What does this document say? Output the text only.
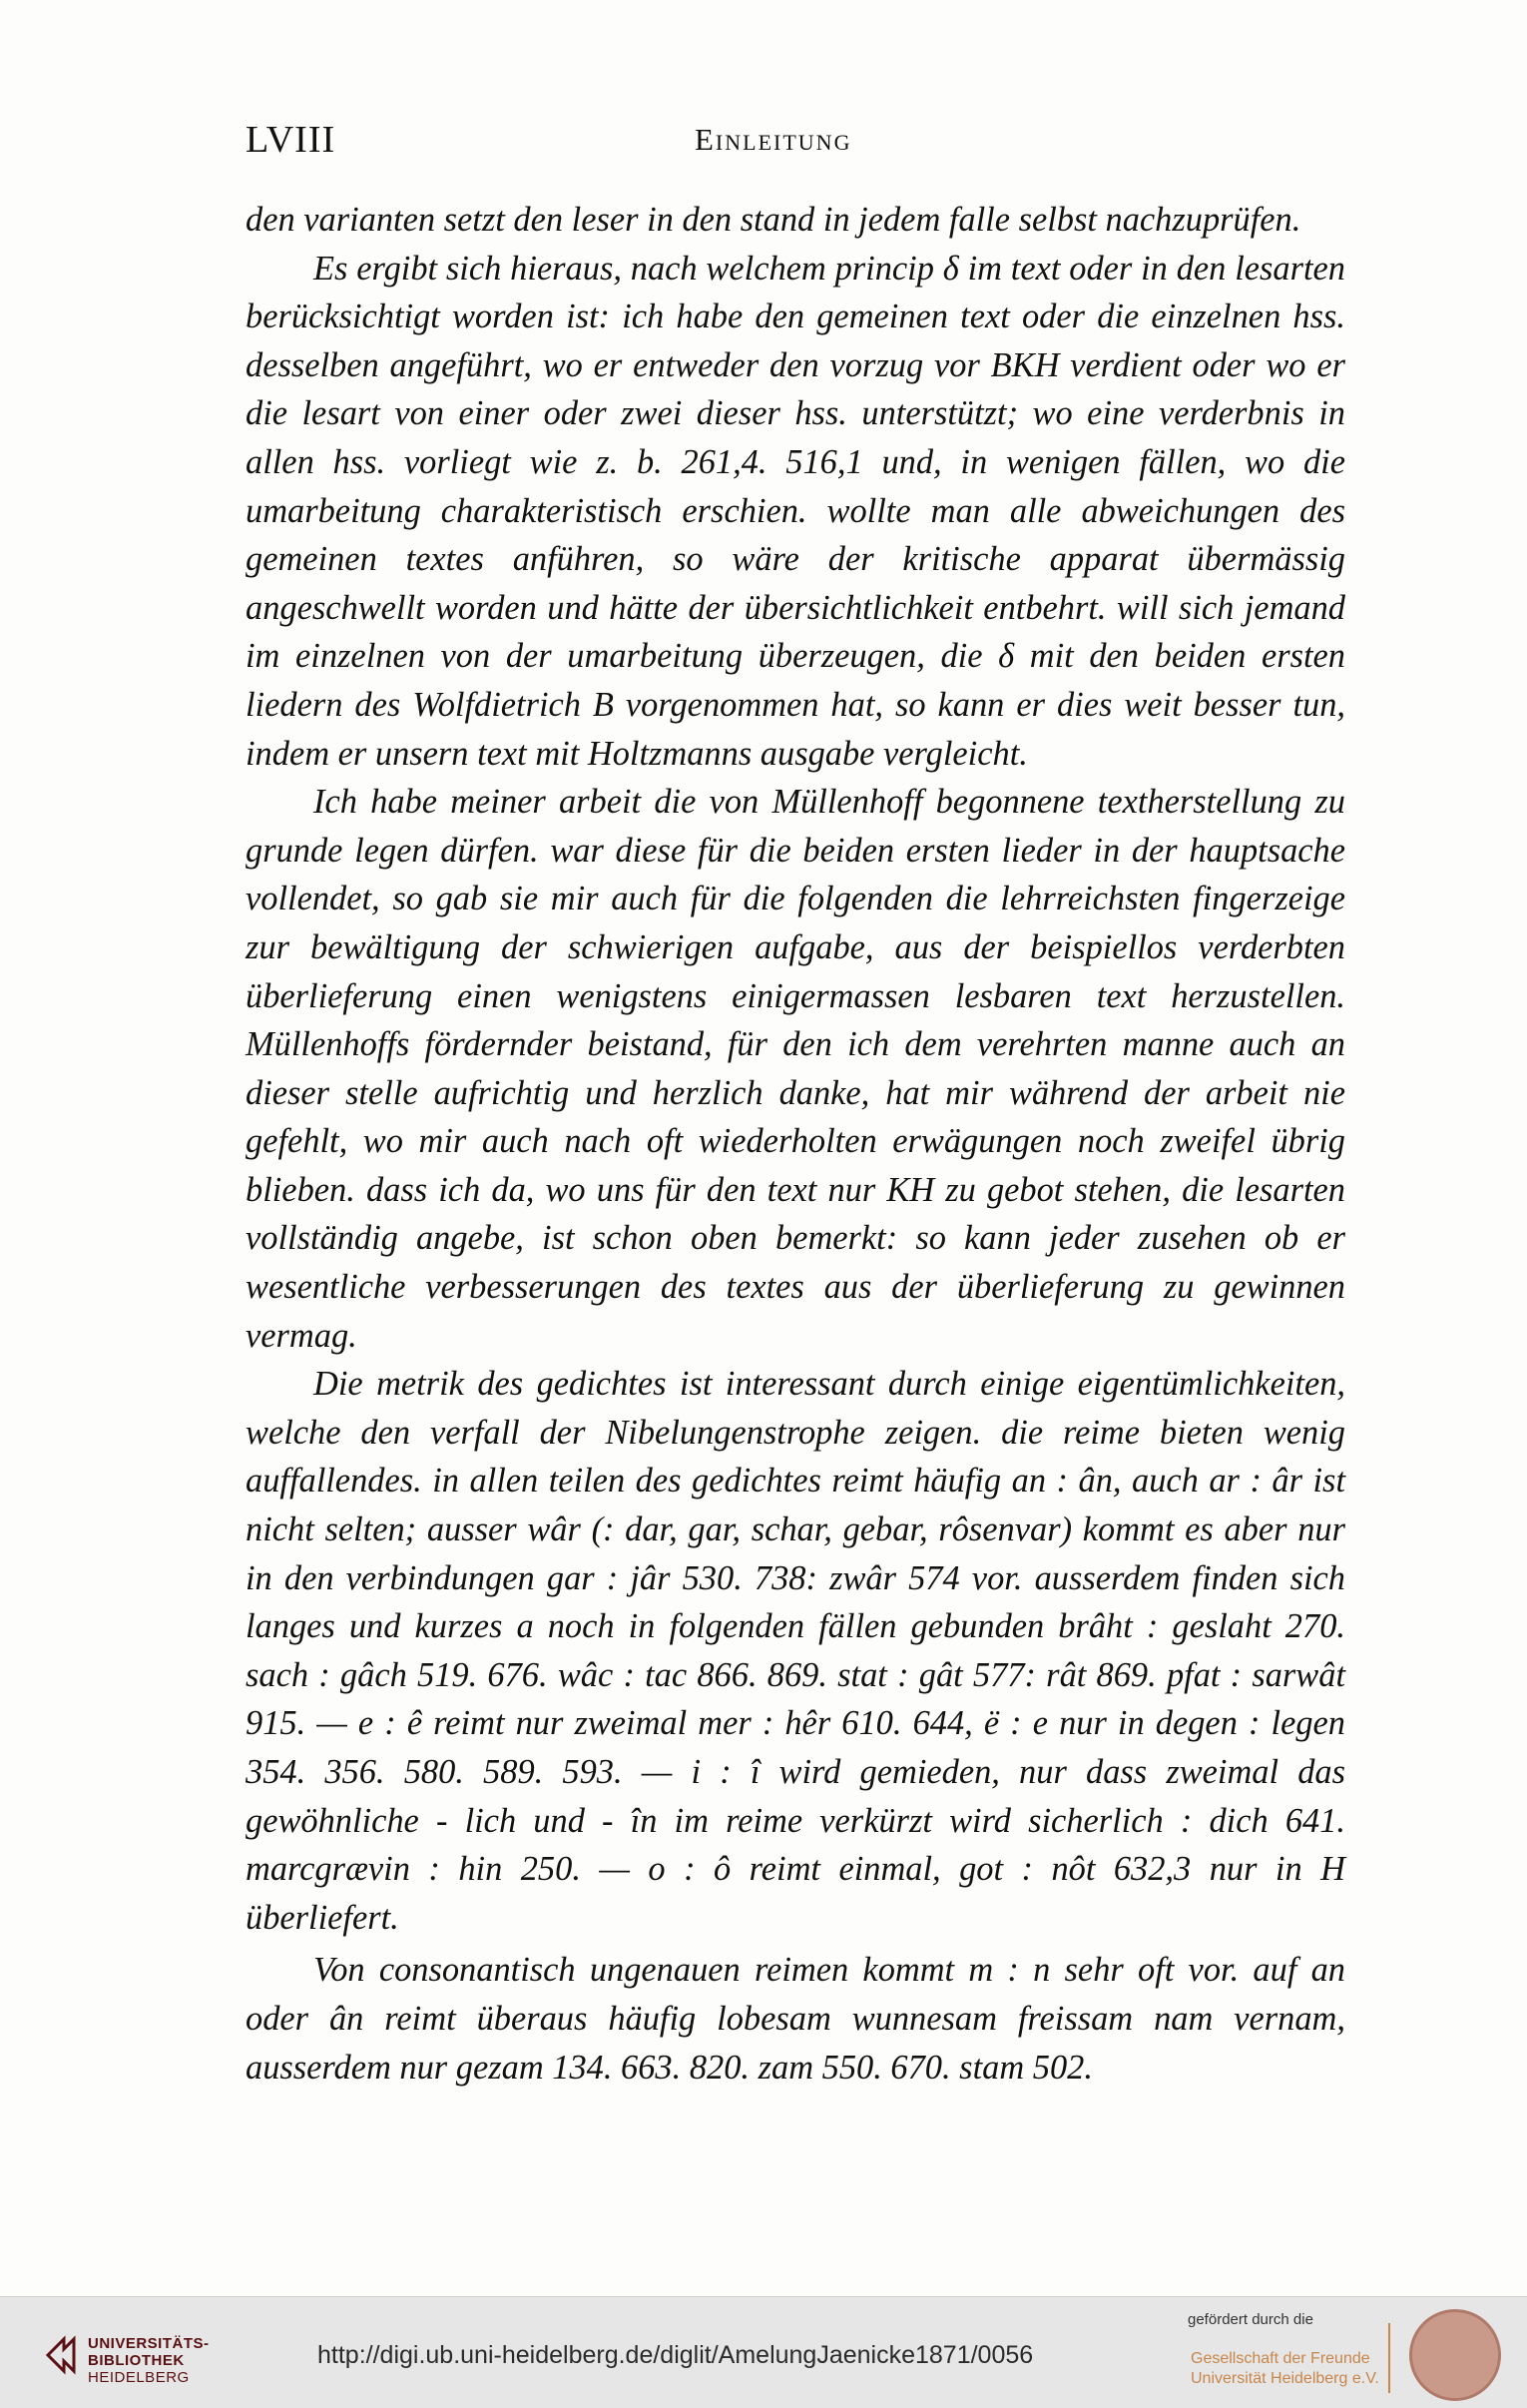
LVIII	Einleitung

den varianten setzt den leser in den stand in jedem falle selbst nachzuprüfen.

Es ergibt sich hieraus, nach welchem princip δ im text oder in den lesarten berücksichtigt worden ist: ich habe den gemeinen text oder die einzelnen hss. desselben angeführt, wo er entweder den vorzug vor BKH verdient oder wo er die lesart von einer oder zwei dieser hss. unterstützt; wo eine verderbnis in allen hss. vorliegt wie z. b. 261,4. 516,1 und, in wenigen fällen, wo die umarbeitung charakteristisch erschien. wollte man alle abweichungen des gemeinen textes anführen, so wäre der kritische apparat übermässig angeschwellt worden und hätte der übersichtlichkeit entbehrt. will sich jemand im einzelnen von der umarbeitung überzeugen, die δ mit den beiden ersten liedern des Wolfdietrich B vorgenommen hat, so kann er dies weit besser tun, indem er unsern text mit Holtzmanns ausgabe vergleicht.

Ich habe meiner arbeit die von Müllenhoff begonnene textherstellung zu grunde legen dürfen. war diese für die beiden ersten lieder in der hauptsache vollendet, so gab sie mir auch für die folgenden die lehrreichsten fingerzeige zur bewältigung der schwierigen aufgabe, aus der beispiellos verderbten überlieferung einen wenigstens einigermassen lesbaren text herzustellen. Müllenhoffs fördernder beistand, für den ich dem verehrten manne auch an dieser stelle aufrichtig und herzlich danke, hat mir während der arbeit nie gefehlt, wo mir auch nach oft wiederholten erwägungen noch zweifel übrig blieben. dass ich da, wo uns für den text nur KH zu gebot stehen, die lesarten vollständig angebe, ist schon oben bemerkt: so kann jeder zusehen ob er wesentliche verbesserungen des textes aus der überlieferung zu gewinnen vermag.

Die metrik des gedichtes ist interessant durch einige eigentümlichkeiten, welche den verfall der Nibelungenstrophe zeigen. die reime bieten wenig auffallendes. in allen teilen des gedichtes reimt häufig an : ân, auch ar : âr ist nicht selten; ausser wâr (: dar, gar, schar, gebar, rôsenvar) kommt es aber nur in den verbindungen gar : jâr 530. 738: zwâr 574 vor. ausserdem finden sich langes und kurzes a noch in folgenden fällen gebunden brâht : geslaht 270. sach : gâch 519. 676. wâc : tac 866. 869. stat : gât 577: rât 869. pfat : sarwât 915. — e : ê reimt nur zweimal mer : hêr 610. 644, ë : e nur in degen : legen 354. 356. 580. 589. 593. — i : î wird gemieden, nur dass zweimal das gewöhnliche - lich und - în im reime verkürzt wird sicherlich : dich 641. marcgrævin : hin 250. — o : ô reimt einmal, got : nôt 632,3 nur in H überliefert.

Von consonantisch ungenauen reimen kommt m : n sehr oft vor. auf an oder ân reimt überaus häufig lobesam wunnesam freissam nam vernam, ausserdem nur gezam 134. 663. 820. zam 550. 670. stam 502.

UNIVERSITÄTS-
BIBLIOTHEK
HEIDELBERG
http://digi.ub.uni-heidelberg.de/diglit/AmelungJaenicke1871/0056
gefördert durch die
Gesellschaft der Freunde
Universität Heidelberg e.V.
